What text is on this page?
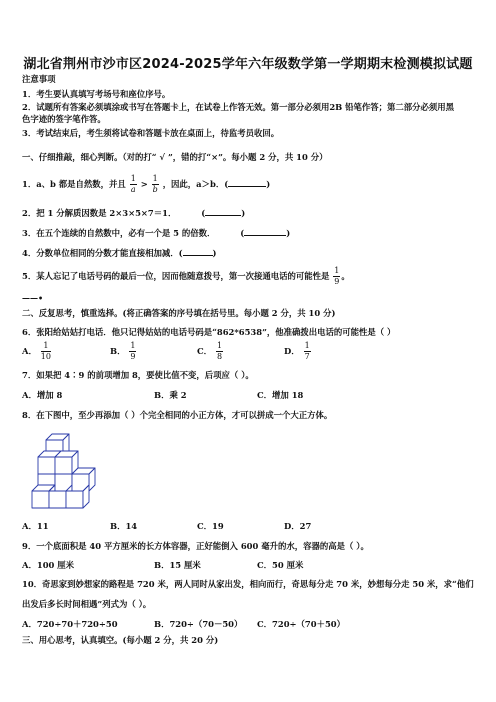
湖北省荆州市沙市区2024-2025学年六年级数学第一学期期末检测模拟试题
注意事项
1．考生要认真填写考场号和座位序号。
2．试题所有答案必须填涂或书写在答题卡上，在试卷上作答无效。第一部分必须用2B 铅笔作答；第二部分必须用黑
色字迹的签字笔作答。
3．考试结束后，考生须将试卷和答题卡放在桌面上，待监考员收回。
一、仔细推敲，细心判断。（对的打“ √ ”，错的打“×”。每小题 2 分，共 10 分）
1．a、b 都是自然数，并且 $\frac{1}{a} > \frac{1}{b}$ ，因此，a＞b．(	)
2．把 1 分解质因数是 2×3×5×7＝1．	(	)
3．在五个连续的自然数中，必有一个是 5 的倍数．	(	)
4．分数单位相同的分数才能直接相加减．(	)
5．某人忘记了电话号码的最后一位，因而他随意拨号，第一次接通电话的可能性是 $\frac{1}{9}$ 。
——•
二、反复思考，慎重选择。(将正确答案的序号填在括号里。每小题 2 分，共 10 分)
6．张阳给姑姑打电话．他只记得姑姑的电话号码是“862*6538”，他准确拨出电话的可能性是（ ）
A． $\frac{1}{10}$	B． $\frac{1}{9}$	C． $\frac{1}{8}$	D． $\frac{1}{7}$
7．如果把 4∶9 的前项增加 8，要使比值不变，后项应（ ）。
A．增加 8	B．乘 2	C．增加 18
8．在下图中，至少再添加（ ）个完全相同的小正方体，才可以拼成一个大正方体。
A．11	B．14	C．19	D．27
9．一个底面积是 40 平方厘米的长方体容器，正好能倒入 600 毫升的水，容器的高是（ ）。
A．100 厘米	B．15 厘米	C．50 厘米
10．奇思家到妙想家的路程是 720 米，两人同时从家出发，相向而行，奇思每分走 70 米，妙想每分走 50 米，求“他们
出发后多长时间相遇”列式为（ ）。
A．720÷70＋720÷50	B．720÷（70－50） C．720÷（70＋50）
三、用心思考，认真填空。(每小题 2 分，共 20 分)
